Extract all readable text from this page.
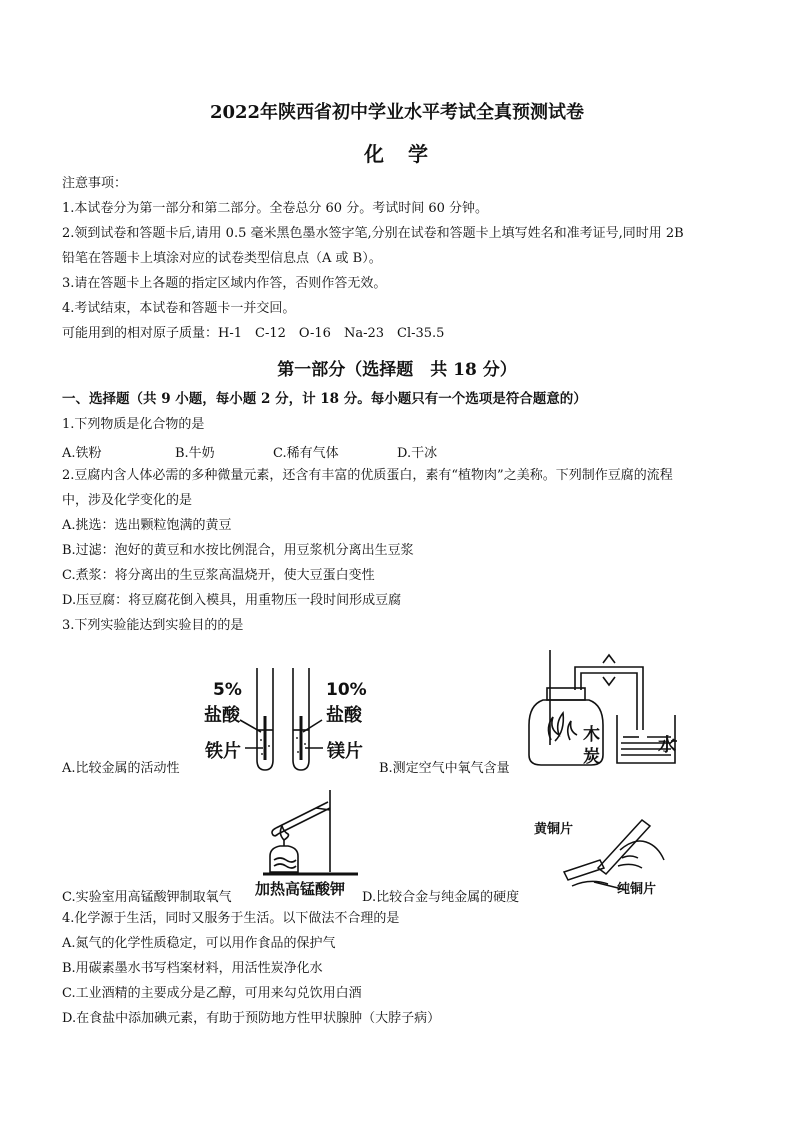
2022年陕西省初中学业水平考试全真预测试卷
化　学
注意事项：
1.本试卷分为第一部分和第二部分。全卷总分 60 分。考试时间 60 分钟。
2.领到试卷和答题卡后,请用 0.5 毫米黑色墨水签字笔,分别在试卷和答题卡上填写姓名和准考证号,同时用 2B
铅笔在答题卡上填涂对应的试卷类型信息点（A 或 B）。
3.请在答题卡上各题的指定区域内作答，否则作答无效。
4.考试结束，本试卷和答题卡一并交回。
可能用到的相对原子质量：H-1　C-12　O-16　Na-23　Cl-35.5
第一部分（选择题　共 18 分）
一、选择题（共 9 小题，每小题 2 分，计 18 分。每小题只有一个选项是符合题意的）
1.下列物质是化合物的是
A.铁粉	B.牛奶	C.稀有气体	D.干冰
2.豆腐内含人体必需的多种微量元素，还含有丰富的优质蛋白，素有“植物肉”之美称。下列制作豆腐的流程
中，涉及化学变化的是
A.挑选：选出颗粒饱满的黄豆
B.过滤：泡好的黄豆和水按比例混合，用豆浆机分离出生豆浆
C.煮浆：将分离出的生豆浆高温烧开，使大豆蛋白变性
D.压豆腐：将豆腐花倒入模具，用重物压一段时间形成豆腐
3.下列实验能达到实验目的的是
5%
盐酸
10%
盐酸
铁片	镁片
A.比较金属的活动性
木
炭
水
B.测定空气中氧气含量
加热高锰酸钾
C.实验室用高锰酸钾制取氧气
黄铜片
纯铜片
D.比较合金与纯金属的硬度
4.化学源于生活，同时又服务于生活。以下做法不合理的是
A.氮气的化学性质稳定，可以用作食品的保护气
B.用碳素墨水书写档案材料，用活性炭净化水
C.工业酒精的主要成分是乙醇，可用来勾兑饮用白酒
D.在食盐中添加碘元素，有助于预防地方性甲状腺肿（大脖子病）
